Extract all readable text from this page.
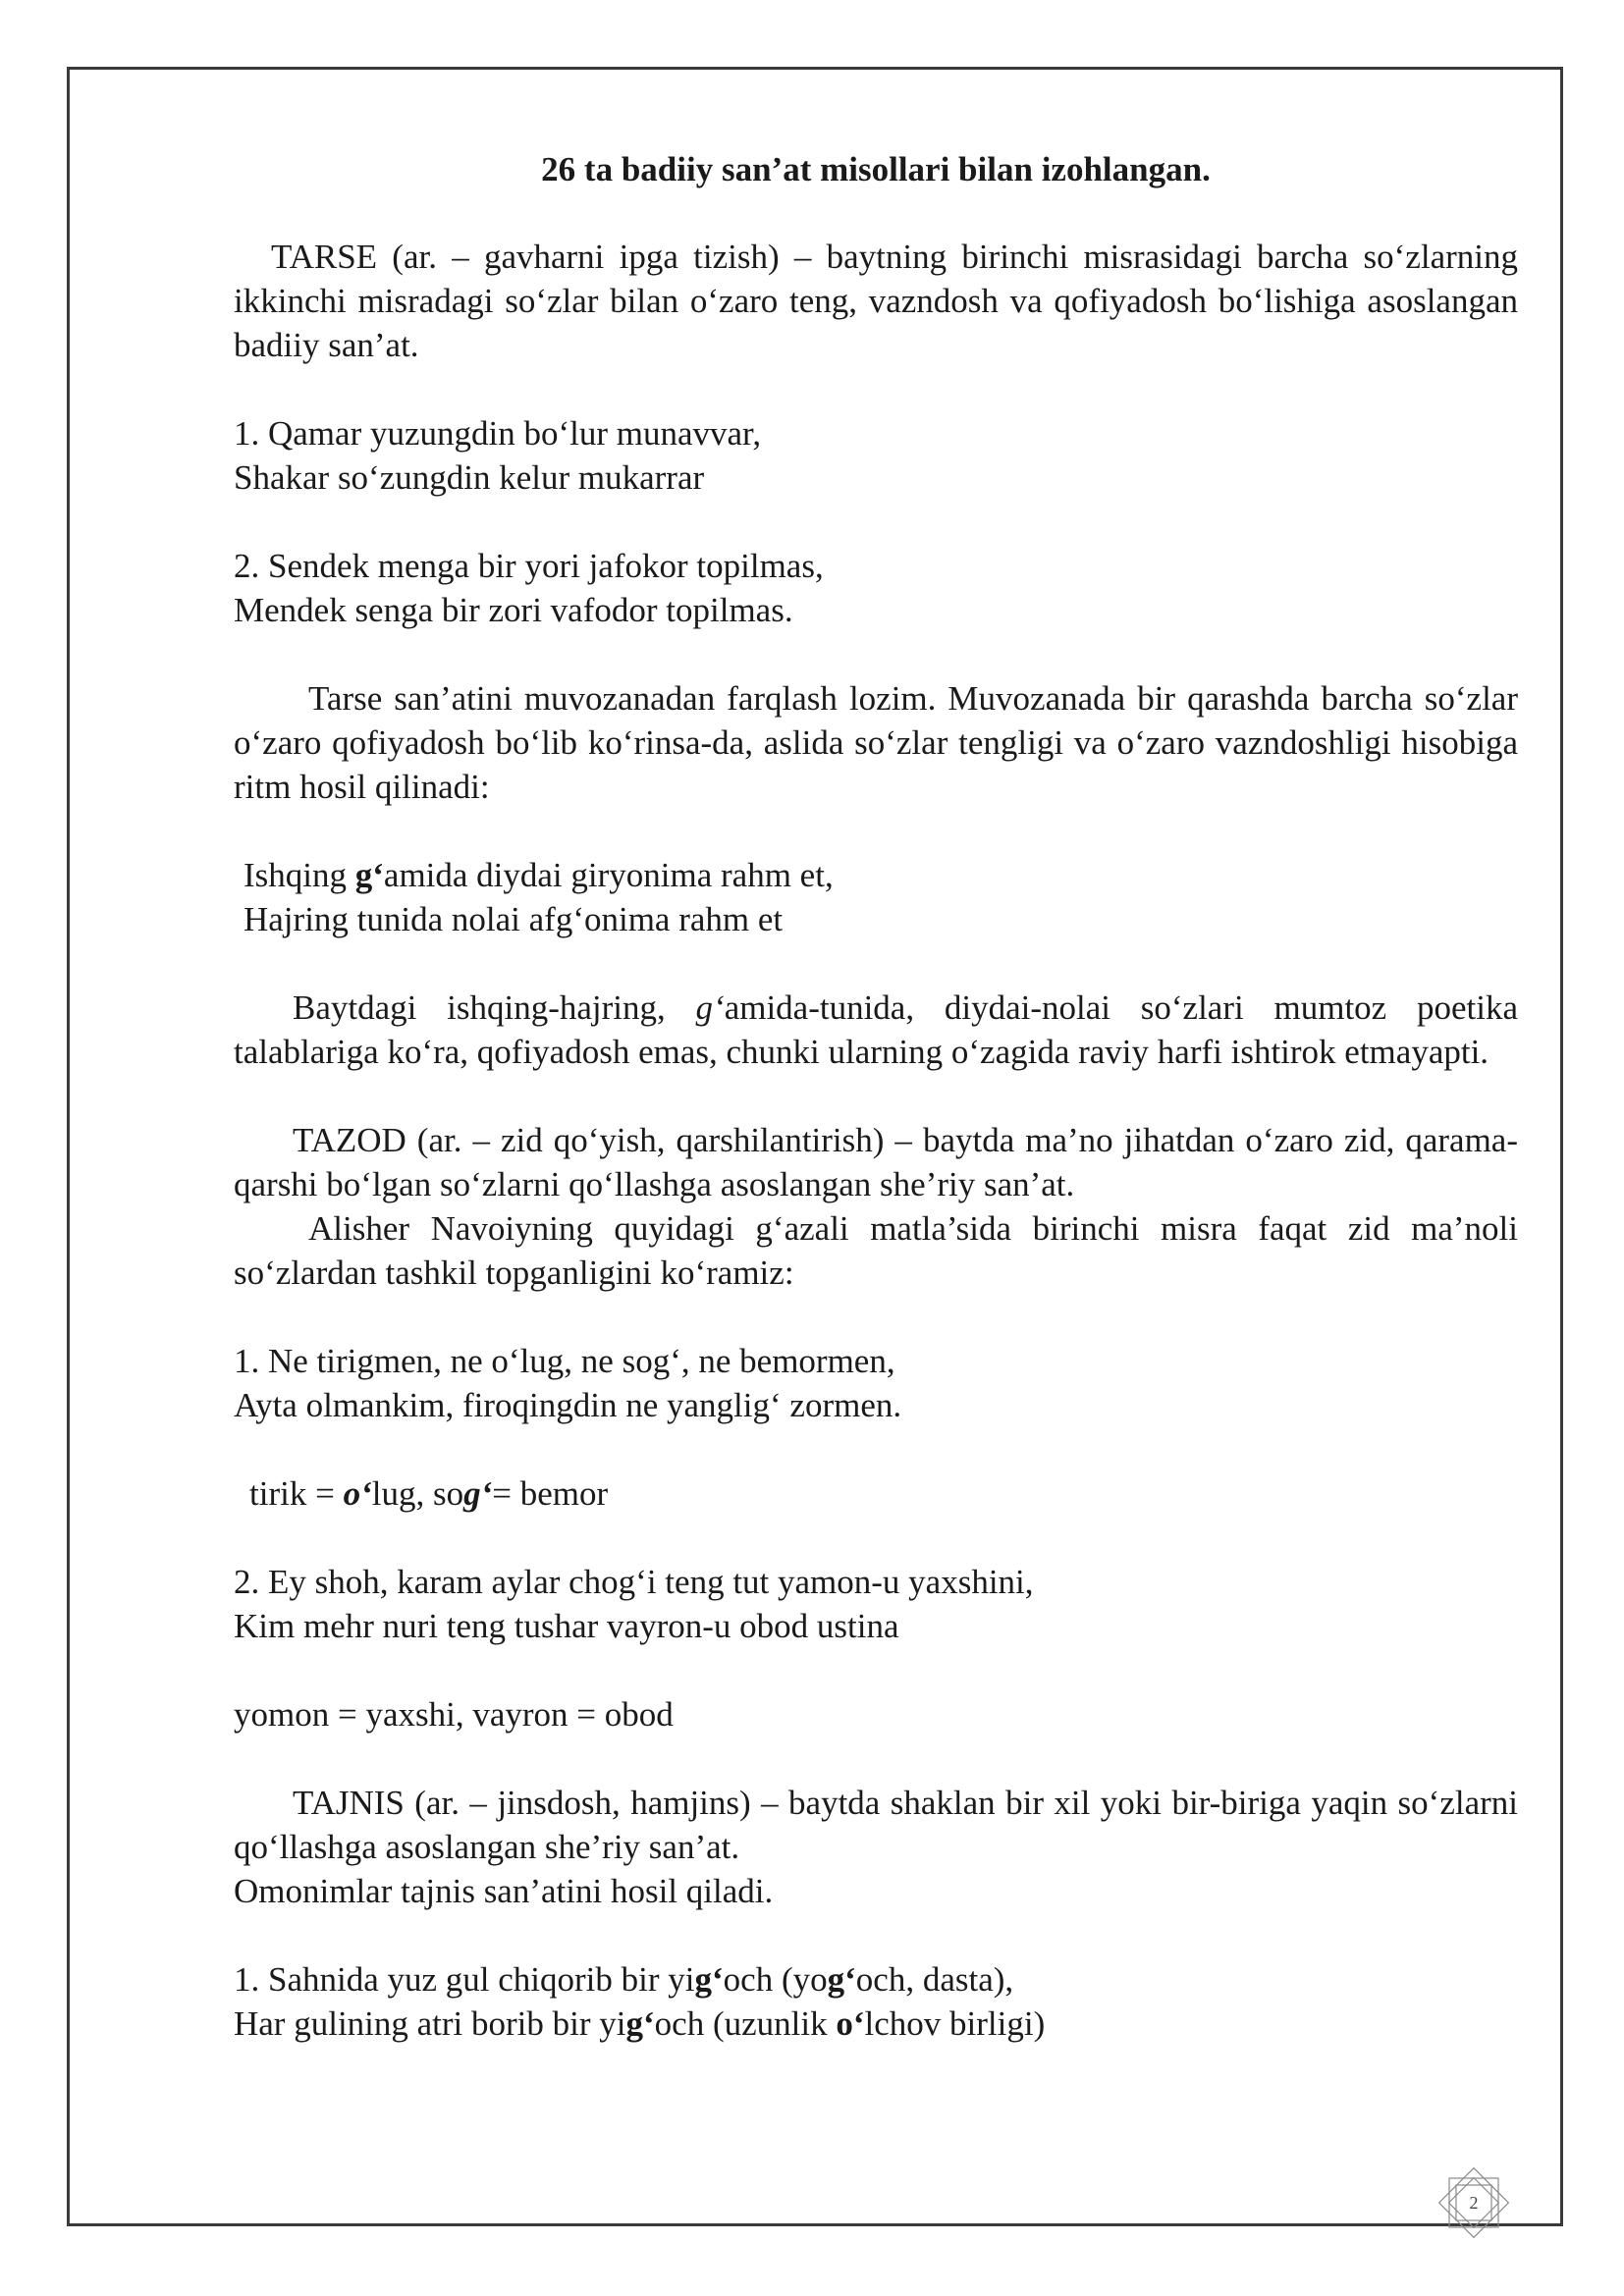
26 ta badiiy san’at misollari bilan izohlangan.

TARSE (ar. – gavharni ipga tizish) – baytning birinchi misrasidagi barcha so‘zlarning ikkinchi misradagi so‘zlar bilan o‘zaro teng, vazndosh va qofiyadosh bo‘lishiga asoslangan badiiy san’at.

1. Qamar yuzungdin bo‘lur munavvar,

Shakar so‘zungdin kelur mukarrar

2. Sendek menga bir yori jafokor topilmas,

Mendek senga bir zori vafodor topilmas.

Tarse san’atini muvozanadan farqlash lozim. Muvozanada bir qarashda barcha so‘zlar o‘zaro qofiyadosh bo‘lib ko‘rinsa-da, aslida so‘zlar tengligi va o‘zaro vazndoshligi hisobiga ritm hosil qilinadi:

Ishqing g‘amida diydai giryonima rahm et,

Hajring tunida nolai afg‘onima rahm et

Baytdagi ishqing-hajring, g‘amida-tunida, diydai-nolai so‘zlari mumtoz poetika talablariga ko‘ra, qofiyadosh emas, chunki ularning o‘zagida raviy harfi ishtirok etmayapti.

TAZOD (ar. – zid qo‘yish, qarshilantirish) – baytda ma’no jihatdan o‘zaro zid, qarama-qarshi bo‘lgan so‘zlarni qo‘llashga asoslangan she’riy san’at.

Alisher Navoiyning quyidagi g‘azali matla’sida birinchi misra faqat zid ma’noli so‘zlardan tashkil topganligini ko‘ramiz:

1. Ne tirigmen, ne o‘lug, ne sog‘, ne bemormen,

Ayta olmankim, firoqingdin ne yanglig‘ zormen.

tirik = o‘lug, sog‘= bemor

2. Ey shoh, karam aylar chog‘i teng tut yamon-u yaxshini,

Kim mehr nuri teng tushar vayron-u obod ustina

yomon = yaxshi, vayron = obod

TAJNIS (ar. – jinsdosh, hamjins) – baytda shaklan bir xil yoki bir-biriga yaqin so‘zlarni qo‘llashga asoslangan she’riy san’at.

Omonimlar tajnis san’atini hosil qiladi.

1. Sahnida yuz gul chiqorib bir yig‘och (yog‘och, dasta),

Har gulining atri borib bir yig‘och (uzunlik o‘lchov birligi)

2
